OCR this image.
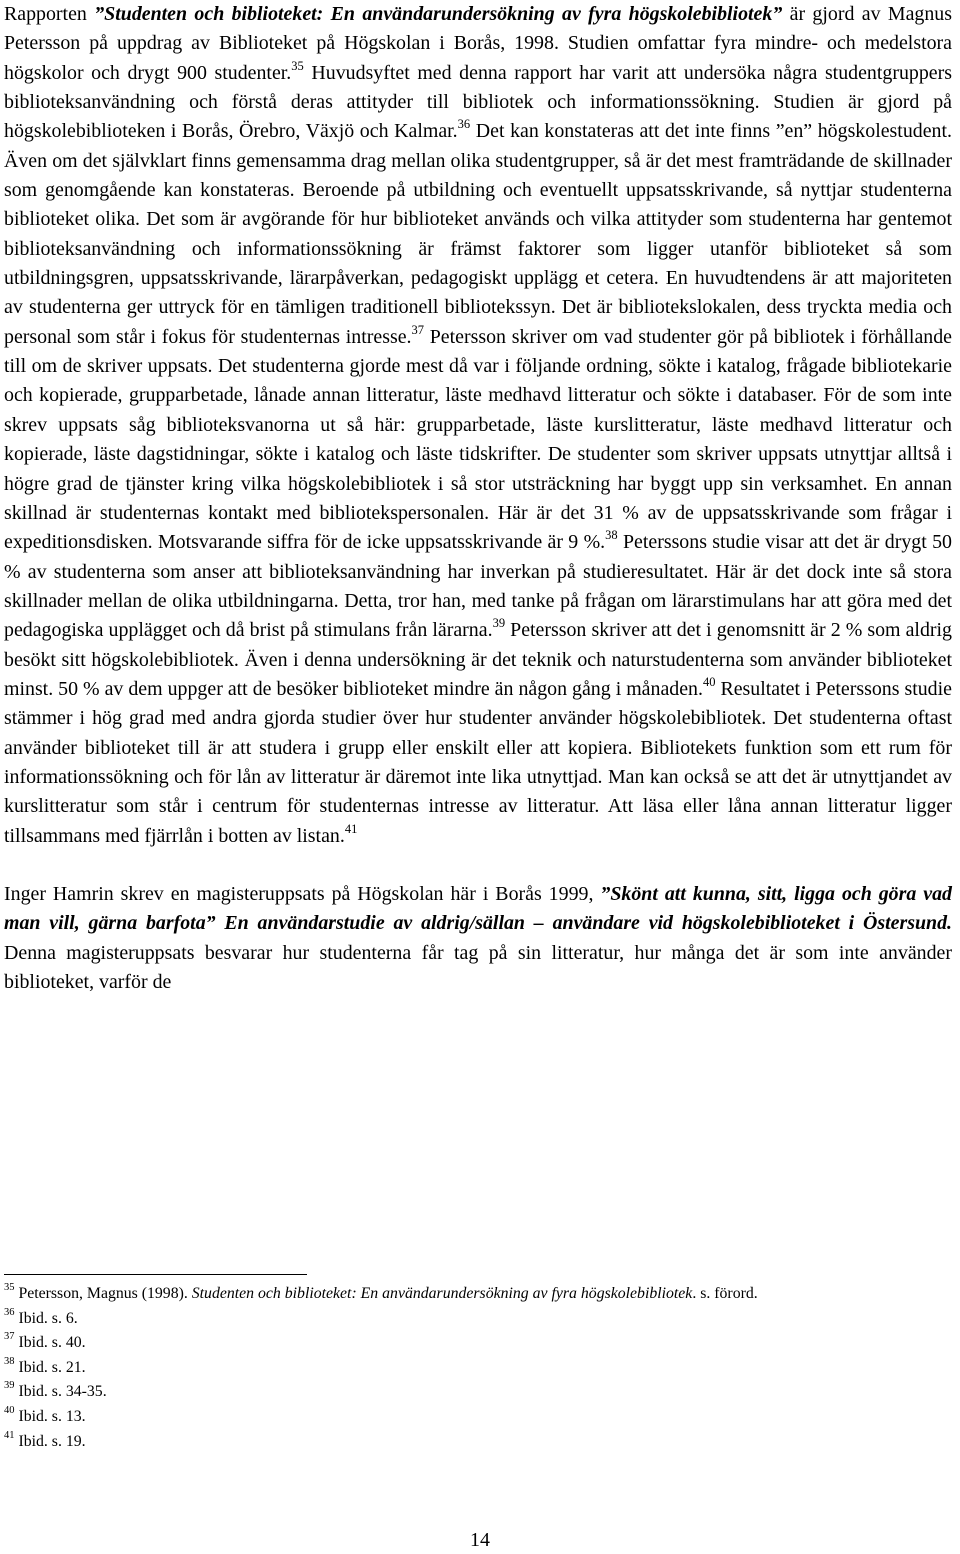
Rapporten ”Studenten och biblioteket: En användarundersökning av fyra högskolebibliotek” är gjord av Magnus Petersson på uppdrag av Biblioteket på Högskolan i Borås, 1998. Studien omfattar fyra mindre- och medelstora högskolor och drygt 900 studenter.$^{35}$ Huvudsyftet med denna rapport har varit att undersöka några studentgruppers biblioteksanvändning och förstå deras attityder till bibliotek och informationssökning. Studien är gjord på högskolebiblioteken i Borås, Örebro, Växjö och Kalmar.$^{36}$ Det kan konstateras att det inte finns ”en” högskolestudent. Även om det självklart finns gemensamma drag mellan olika studentgrupper, så är det mest framträdande de skillnader som genomgående kan konstateras. Beroende på utbildning och eventuellt uppsatsskrivande, så nyttjar studenterna biblioteket olika. Det som är avgörande för hur biblioteket används och vilka attityder som studenterna har gentemot biblioteksanvändning och informationssökning är främst faktorer som ligger utanför biblioteket så som utbildningsgren, uppsatsskrivande, lärarpåverkan, pedagogiskt upplägg et cetera. En huvudtendens är att majoriteten av studenterna ger uttryck för en tämligen traditionell bibliotekssyn. Det är bibliotekslokalen, dess tryckta media och personal som står i fokus för studenternas intresse.$^{37}$ Petersson skriver om vad studenter gör på bibliotek i förhållande till om de skriver uppsats. Det studenterna gjorde mest då var i följande ordning, sökte i katalog, frågade bibliotekarie och kopierade, grupparbetade, lånade annan litteratur, läste medhavd litteratur och sökte i databaser. För de som inte skrev uppsats såg biblioteksvanorna ut så här: grupparbetade, läste kurslitteratur, läste medhavd litteratur och kopierade, läste dagstidningar, sökte i katalog och läste tidskrifter. De studenter som skriver uppsats utnyttjar alltså i högre grad de tjänster kring vilka högskolebibliotek i så stor utsträckning har byggt upp sin verksamhet. En annan skillnad är studenternas kontakt med bibliotekspersonalen. Här är det 31 % av de uppsatsskrivande som frågar i expeditionsdisken. Motsvarande siffra för de icke uppsatsskrivande är 9 %.$^{38}$ Peterssons studie visar att det är drygt 50 % av studenterna som anser att biblioteksanvändning har inverkan på studieresultatet. Här är det dock inte så stora skillnader mellan de olika utbildningarna. Detta, tror han, med tanke på frågan om lärarstimulans har att göra med det pedagogiska upplägget och då brist på stimulans från lärarna.$^{39}$ Petersson skriver att det i genomsnitt är 2 % som aldrig besökt sitt högskolebibliotek. Även i denna undersökning är det teknik och naturstudenterna som använder biblioteket minst. 50 % av dem uppger att de besöker biblioteket mindre än någon gång i månaden.$^{40}$ Resultatet i Peterssons studie stämmer i hög grad med andra gjorda studier över hur studenter använder högskolebibliotek. Det studenterna oftast använder biblioteket till är att studera i grupp eller enskilt eller att kopiera. Bibliotekets funktion som ett rum för informationssökning och för lån av litteratur är däremot inte lika utnyttjad. Man kan också se att det är utnyttjandet av kurslitteratur som står i centrum för studenternas intresse av litteratur. Att läsa eller låna annan litteratur ligger tillsammans med fjärrlån i botten av listan.$^{41}$

Inger Hamrin skrev en magisteruppsats på Högskolan här i Borås 1999, ”Skönt att kunna, sitt, ligga och göra vad man vill, gärna barfota” En användarstudie av aldrig/sällan – användare vid högskolebiblioteket i Östersund. Denna magisteruppsats besvarar hur studenterna får tag på sin litteratur, hur många det är som inte använder biblioteket, varför de

$^{35}$ Petersson, Magnus (1998). Studenten och biblioteket: En användarundersökning av fyra högskolebibliotek. s. förord.

$^{36}$ Ibid. s. 6.

$^{37}$ Ibid. s. 40.

$^{38}$ Ibid. s. 21.

$^{39}$ Ibid. s. 34-35.

$^{40}$ Ibid. s. 13.

$^{41}$ Ibid. s. 19.

14
